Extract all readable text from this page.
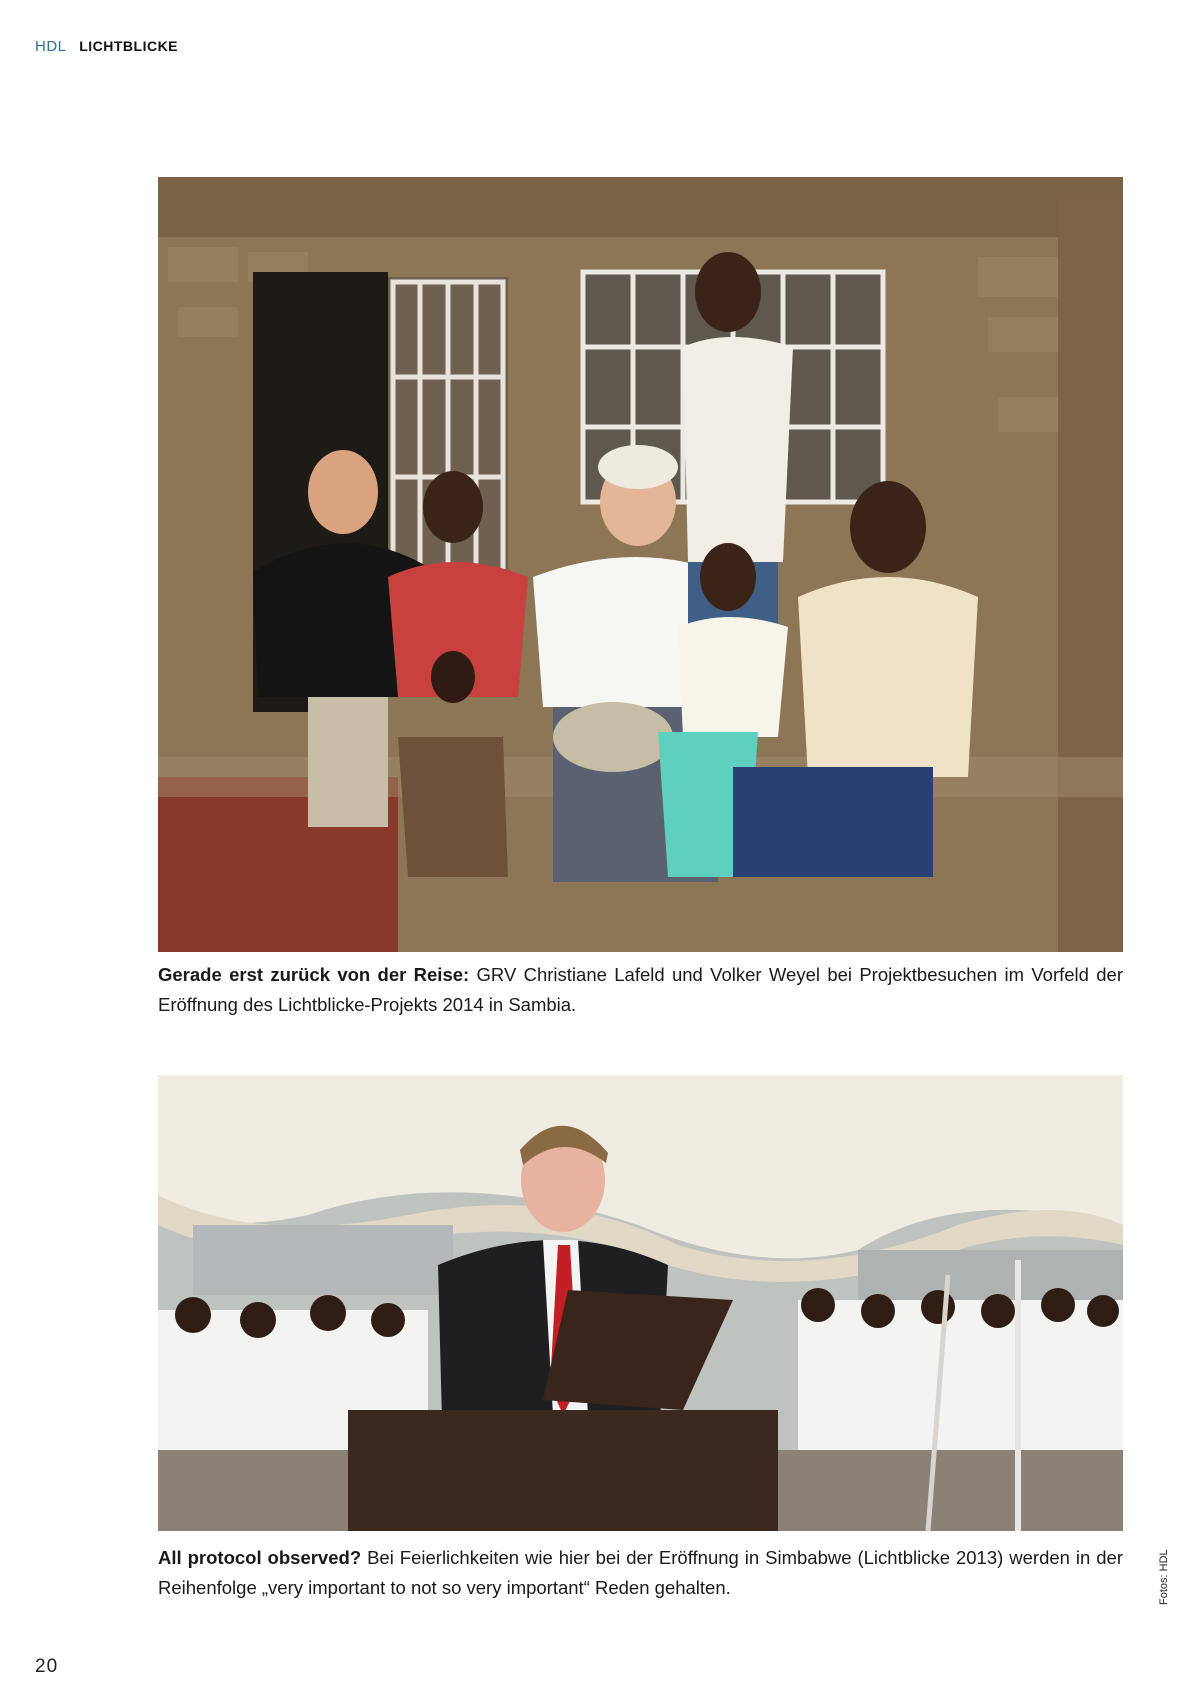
HDL LICHTBLICKE
Gerade erst zurück von der Reise: GRV Christiane Lafeld und Volker Weyel bei Projektbesuchen im Vorfeld der Eröffnung des Lichtblicke-Projekts 2014 in Sambia.
All protocol observed? Bei Feierlichkeiten wie hier bei der Eröffnung in Simbabwe (Lichtblicke 2013) werden in der Reihenfolge „very important to not so very important“ Reden gehalten.	Fotos: HDL
20
